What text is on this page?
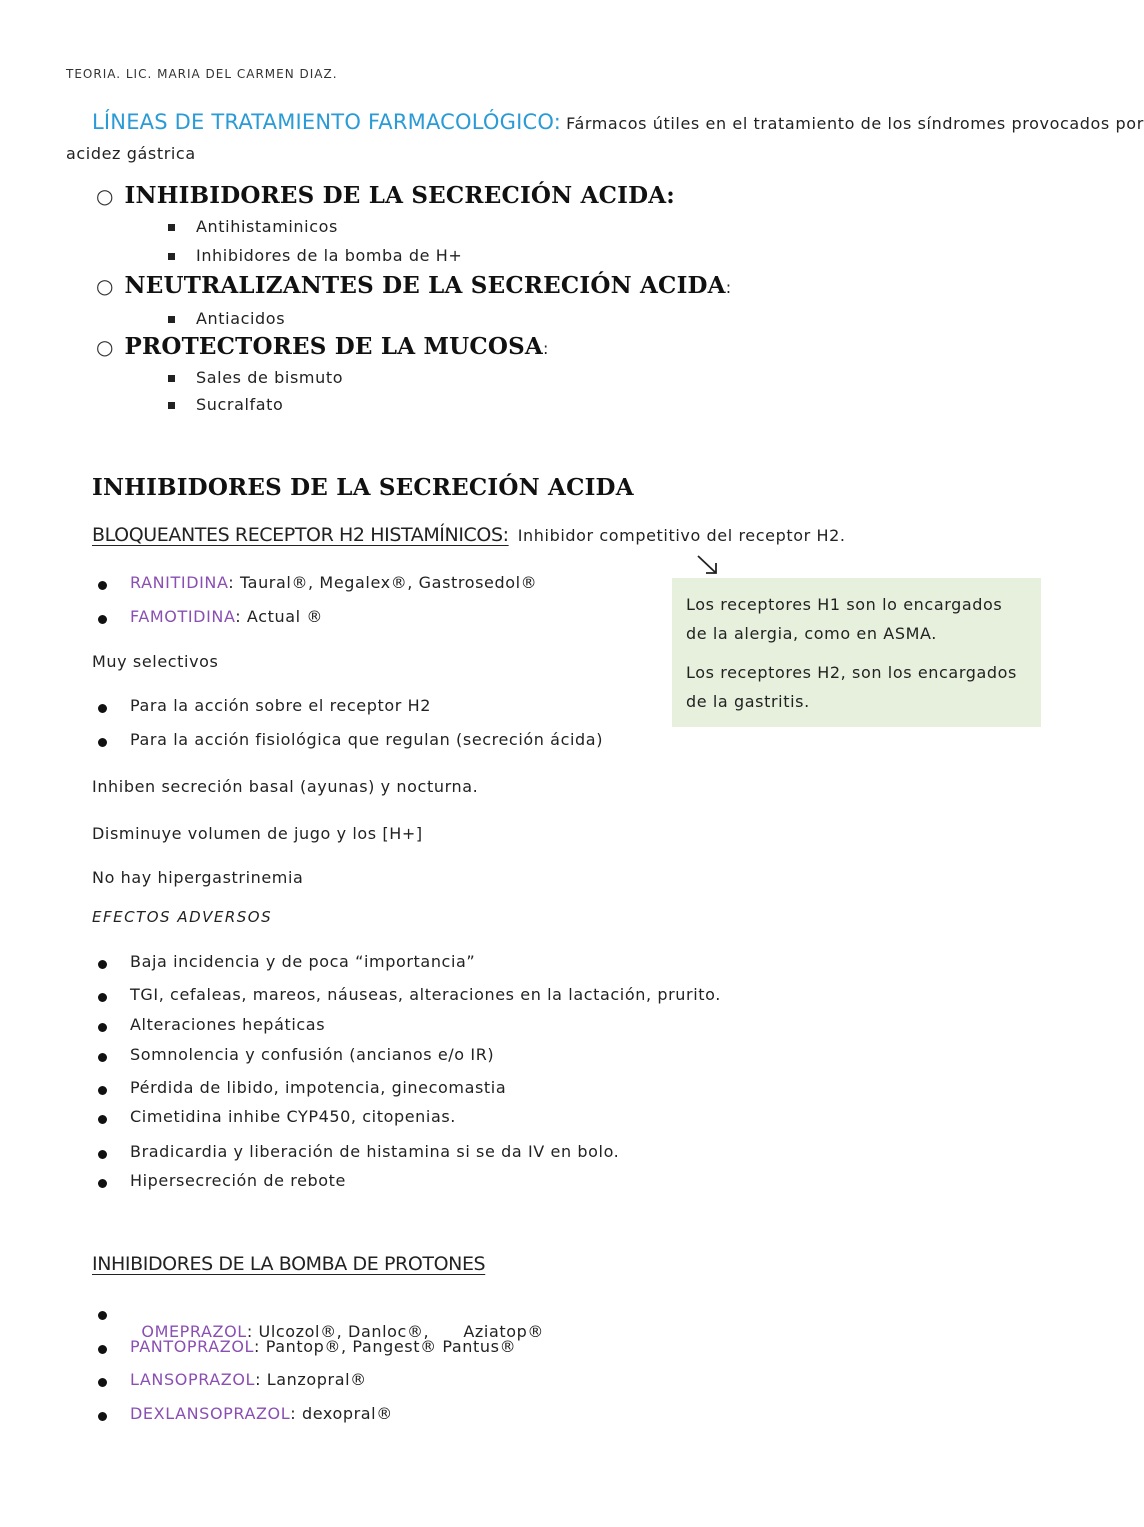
TEORIA. LIC. MARIA DEL CARMEN DIAZ.
LÍNEAS DE TRATAMIENTO FARMACOLÓGICO: Fármacos útiles en el tratamiento de los síndromes provocados por
acidez gástrica
○ INHIBIDORES DE LA SECRECIÓN ACIDA:
Antihistaminicos
Inhibidores de la bomba de H+
○ NEUTRALIZANTES DE LA SECRECIÓN ACIDA:
Antiacidos
○ PROTECTORES DE LA MUCOSA:
Sales de bismuto
Sucralfato
INHIBIDORES DE LA SECRECIÓN ACIDA
BLOQUEANTES RECEPTOR H2 HISTAMÍNICOS: Inhibidor competitivo del receptor H2.
RANITIDINA: Taural®, Megalex®, Gastrosedol®
FAMOTIDINA: Actual ®

Los receptores H1 son lo encargados de la alergia, como en ASMA.

Los receptores H2, son los encargados de la gastritis.

Muy selectivos
Para la acción sobre el receptor H2
Para la acción fisiológica que regulan (secreción ácida)
Inhiben secreción basal (ayunas) y nocturna.
Disminuye volumen de jugo y los [H+]
No hay hipergastrinemia
EFECTOS ADVERSOS
Baja incidencia y de poca “importancia”
TGI, cefaleas, mareos, náuseas, alteraciones en la lactación, prurito.
Alteraciones hepáticas
Somnolencia y confusión (ancianos e/o IR)
Pérdida de libido, impotencia, ginecomastia
Cimetidina inhibe CYP450, citopenias.
Bradicardia y liberación de histamina si se da IV en bolo.
Hipersecreción de rebote
INHIBIDORES DE LA BOMBA DE PROTONES

OMEPRAZOL: Ulcozol®, Danloc®,      Aziatop®

PANTOPRAZOL: Pantop®, Pangest® Pantus®
LANSOPRAZOL: Lanzopral®
DEXLANSOPRAZOL: dexopral®
